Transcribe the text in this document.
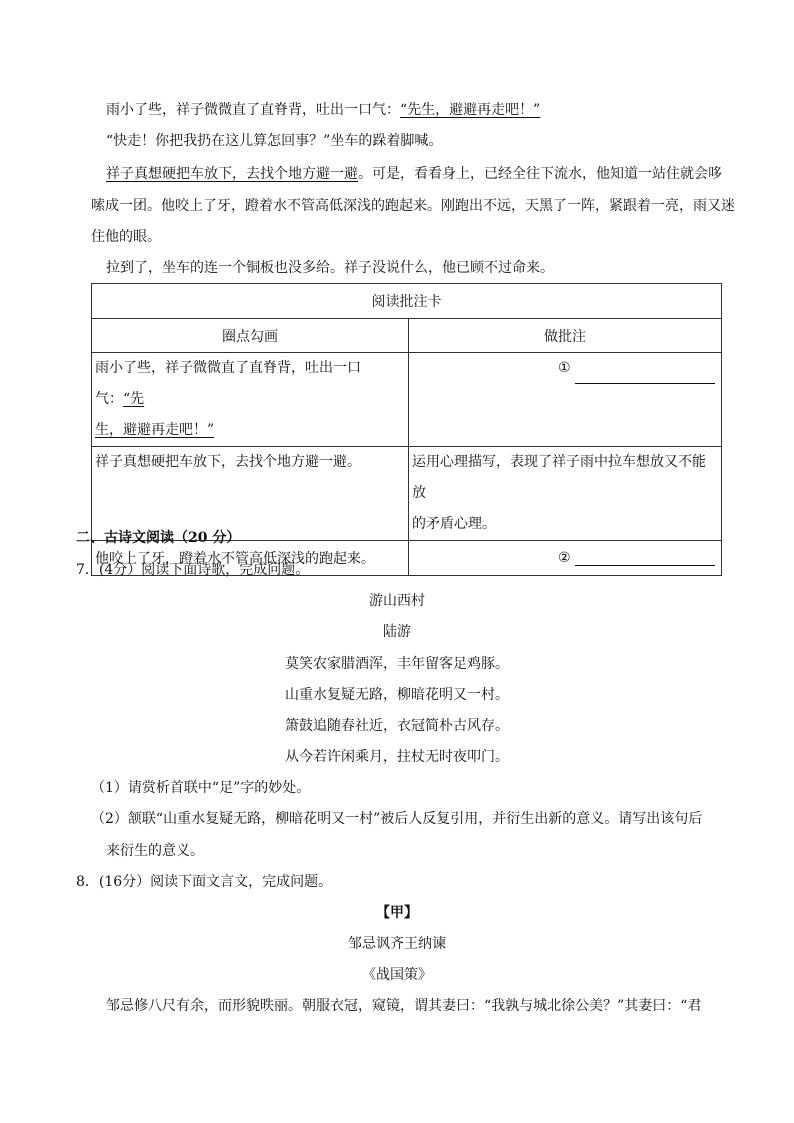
雨小了些，祥子微微直了直脊背，吐出一口气：“先生，避避再走吧！”
“快走！你把我扔在这儿算怎回事？”坐车的跺着脚喊。
祥子真想硬把车放下，去找个地方避一避。可是，看看身上，已经全往下流水，他知道一站住就会哆
嗦成一团。他咬上了牙，蹬着水不管高低深浅的跑起来。刚跑出不远，天黑了一阵，紧跟着一亮，雨又迷
住他的眼。
拉到了，坐车的连一个铜板也没多给。祥子没说什么，他已顾不过命来。
阅读批注卡	
圈点勾画	做批注

雨小了些，祥子微微直了直脊背，吐出一口气：“先
生，避避再走吧！”	①

祥子真想硬把车放下，去找个地方避一避。	运用心理描写，表现了祥子雨中拉车想放又不能放
的矛盾心理。

他咬上了牙，蹬着水不管高低深浅的跑起来。	②
二、古诗文阅读（20 分）
7．(4分）阅读下面诗歌，完成问题。
游山西村
陆游
莫笑农家腊酒浑，丰年留客足鸡豚。
山重水复疑无路，柳暗花明又一村。
箫鼓追随春社近，衣冠简朴古风存。
从今若许闲乘月，拄杖无时夜叩门。
（1）请赏析首联中“足”字的妙处。
（2）颔联“山重水复疑无路，柳暗花明又一村”被后人反复引用，并衍生出新的意义。请写出该句后
来衍生的意义。
8．(16分）阅读下面文言文，完成问题。
【甲】
邹忌讽齐王纳谏
《战国策》
邹忌修八尺有余，而形貌昳丽。朝服衣冠，窥镜，谓其妻曰：“我孰与城北徐公美？”其妻曰：“君
